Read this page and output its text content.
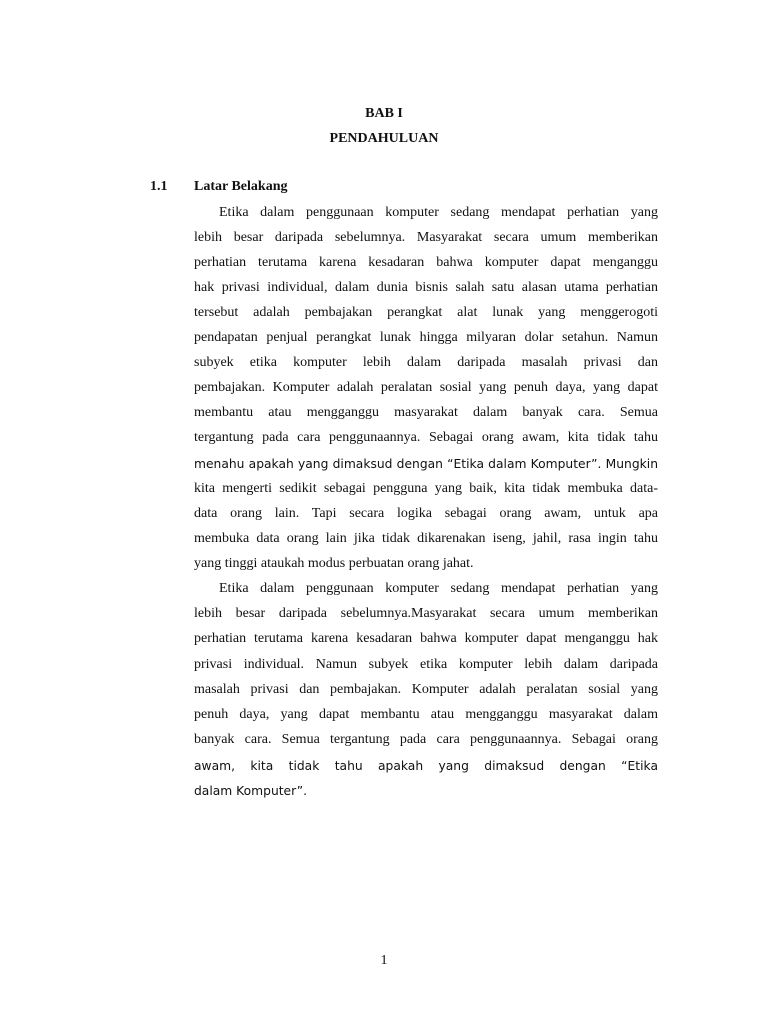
BAB I
PENDAHULUAN
1.1 Latar Belakang
Etika dalam penggunaan komputer sedang mendapat perhatian yang
lebih besar daripada sebelumnya. Masyarakat secara umum memberikan
perhatian terutama karena kesadaran bahwa komputer dapat menganggu
hak privasi individual, dalam dunia bisnis salah satu alasan utama perhatian
tersebut adalah pembajakan perangkat alat lunak yang menggerogoti
pendapatan penjual perangkat lunak hingga milyaran dolar setahun. Namun
subyek etika komputer lebih dalam daripada masalah privasi dan
pembajakan. Komputer adalah peralatan sosial yang penuh daya, yang dapat
membantu atau mengganggu masyarakat dalam banyak cara. Semua
tergantung pada cara penggunaannya. Sebagai orang awam, kita tidak tahu
menahu apakah yang dimaksud dengan “Etika dalam Komputer”. Mungkin
kita mengerti sedikit sebagai pengguna yang baik, kita tidak membuka data-
data orang lain. Tapi secara logika sebagai orang awam, untuk apa
membuka data orang lain jika tidak dikarenakan iseng, jahil, rasa ingin tahu
yang tinggi ataukah modus perbuatan orang jahat.
Etika dalam penggunaan komputer sedang mendapat perhatian yang
lebih besar daripada sebelumnya.Masyarakat secara umum memberikan
perhatian terutama karena kesadaran bahwa komputer dapat menganggu hak
privasi individual. Namun subyek etika komputer lebih dalam daripada
masalah privasi dan pembajakan. Komputer adalah peralatan sosial yang
penuh daya, yang dapat membantu atau mengganggu masyarakat dalam
banyak cara. Semua tergantung pada cara penggunaannya. Sebagai orang
awam, kita tidak tahu apakah yang dimaksud dengan “Etika
dalam Komputer”.
1
